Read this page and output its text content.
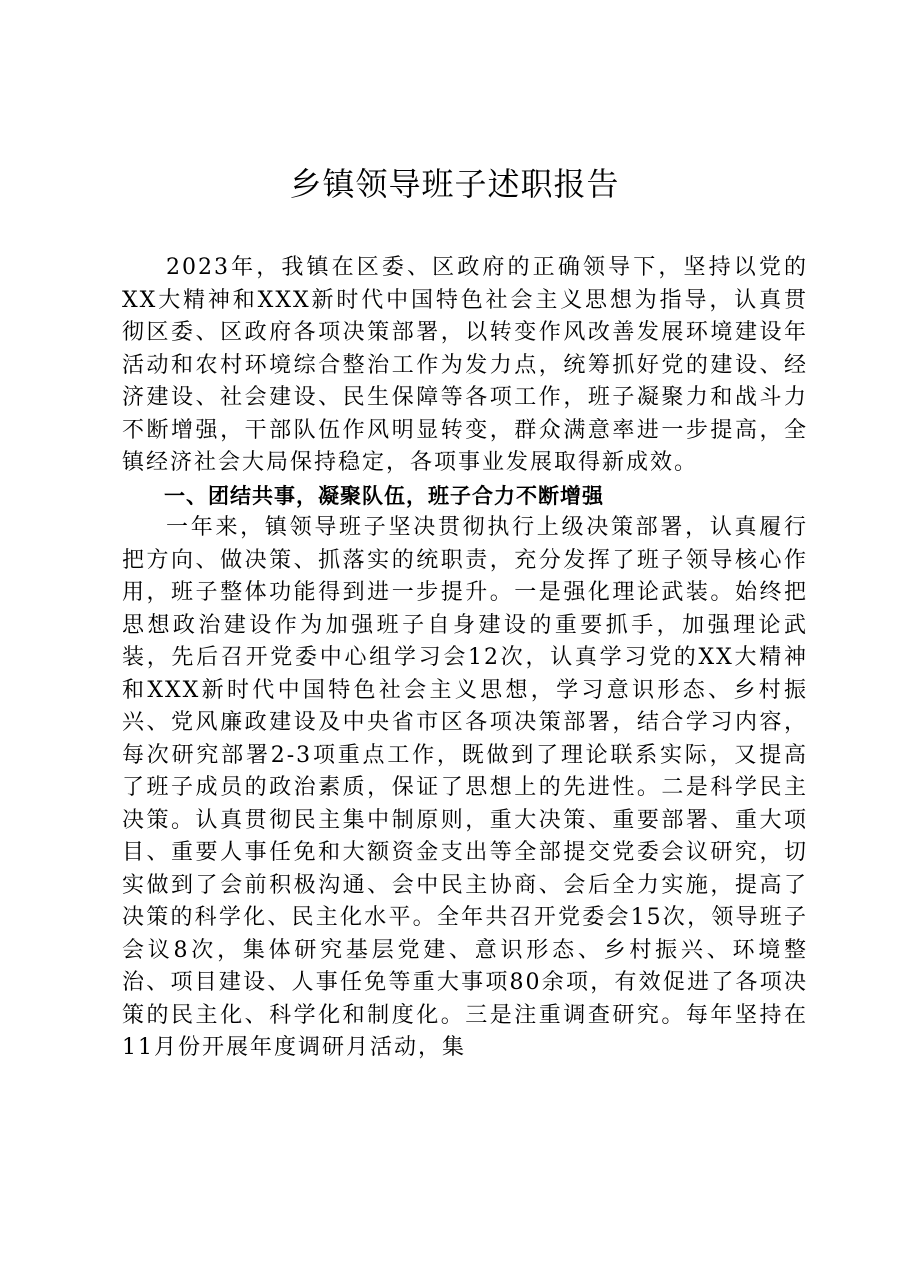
乡镇领导班子述职报告

2023年，我镇在区委、区政府的正确领导下，坚持以党的XX大精神和XXX新时代中国特色社会主义思想为指导，认真贯彻区委、区政府各项决策部署，以转变作风改善发展环境建设年活动和农村环境综合整治工作为发力点，统筹抓好党的建设、经济建设、社会建设、民生保障等各项工作，班子凝聚力和战斗力不断增强，干部队伍作风明显转变，群众满意率进一步提高，全镇经济社会大局保持稳定，各项事业发展取得新成效。

一、团结共事，凝聚队伍，班子合力不断增强

一年来，镇领导班子坚决贯彻执行上级决策部署，认真履行把方向、做决策、抓落实的统职责，充分发挥了班子领导核心作用，班子整体功能得到进一步提升。一是强化理论武装。始终把思想政治建设作为加强班子自身建设的重要抓手，加强理论武装，先后召开党委中心组学习会12次，认真学习党的XX大精神和XXX新时代中国特色社会主义思想，学习意识形态、乡村振兴、党风廉政建设及中央省市区各项决策部署，结合学习内容，每次研究部署2-3项重点工作，既做到了理论联系实际，又提高了班子成员的政治素质，保证了思想上的先进性。二是科学民主决策。认真贯彻民主集中制原则，重大决策、重要部署、重大项目、重要人事任免和大额资金支出等全部提交党委会议研究，切实做到了会前积极沟通、会中民主协商、会后全力实施，提高了决策的科学化、民主化水平。全年共召开党委会15次，领导班子会议8次，集体研究基层党建、意识形态、乡村振兴、环境整治、项目建设、人事任免等重大事项80余项，有效促进了各项决策的民主化、科学化和制度化。三是注重调查研究。每年坚持在11月份开展年度调研月活动，集
